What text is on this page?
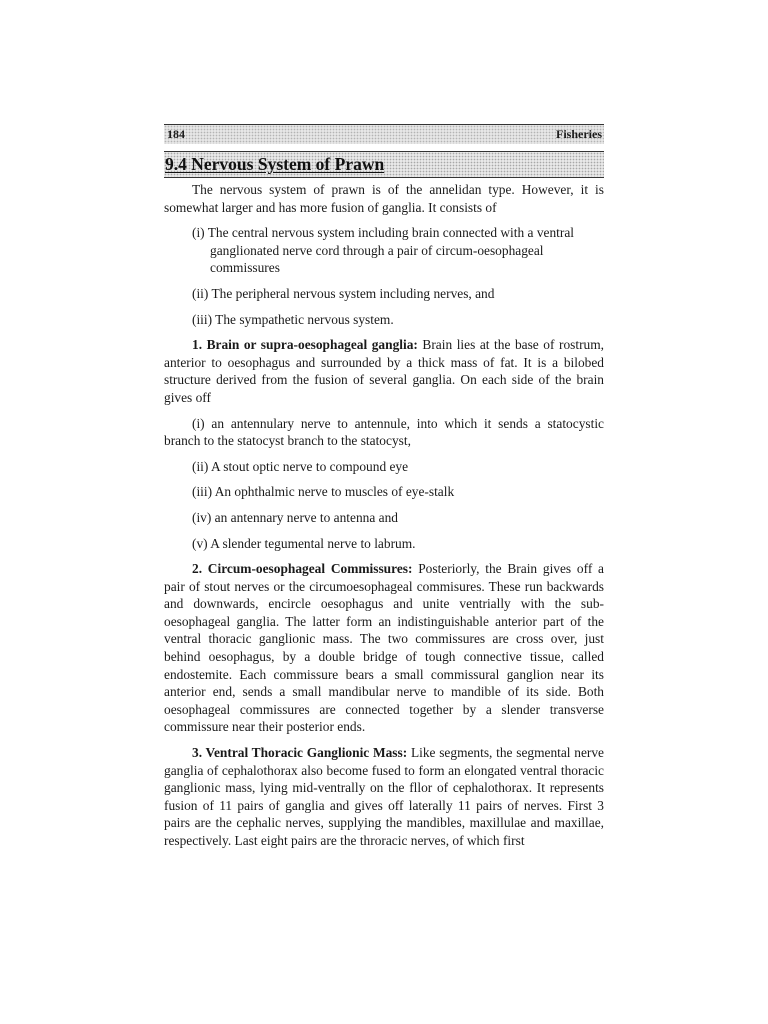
184	Fisheries
9.4 Nervous System of Prawn

The nervous system of prawn is of the annelidan type. However, it is somewhat larger and has more fusion of ganglia. It consists of

(i) The central nervous system including brain connected with a ventral ganglionated nerve cord through a pair of circum-oesophageal commissures

(ii) The peripheral nervous system including nerves, and

(iii) The sympathetic nervous system.

1. Brain or supra-oesophageal ganglia: Brain lies at the base of rostrum, anterior to oesophagus and surrounded by a thick mass of fat. It is a bilobed structure derived from the fusion of several ganglia. On each side of the brain gives off

(i) an antennulary nerve to antennule, into which it sends a statocystic branch to the statocyst branch to the statocyst,

(ii) A stout optic nerve to compound eye

(iii) An ophthalmic nerve to muscles of eye-stalk

(iv) an antennary nerve to antenna and

(v) A slender tegumental nerve to labrum.

2. Circum-oesophageal Commissures: Posteriorly, the Brain gives off a pair of stout nerves or the circumoesophageal commisures. These run backwards and downwards, encircle oesophagus and unite ventrially with the sub-oesophageal ganglia. The latter form an indistinguishable anterior part of the ventral thoracic ganglionic mass. The two commissures are cross over, just behind oesophagus, by a double bridge of tough connective tissue, called endostemite. Each commissure bears a small commissural ganglion near its anterior end, sends a small mandibular nerve to mandible of its side. Both oesophageal commissures are connected together by a slender transverse commissure near their posterior ends.

3. Ventral Thoracic Ganglionic Mass: Like segments, the segmental nerve ganglia of cephalothorax also become fused to form an elongated ventral thoracic ganglionic mass, lying mid-ventrally on the fllor of cephalothorax. It represents fusion of 11 pairs of ganglia and gives off laterally 11 pairs of nerves. First 3 pairs are the cephalic nerves, supplying the mandibles, maxillulae and maxillae, respectively. Last eight pairs are the throracic nerves, of which first
